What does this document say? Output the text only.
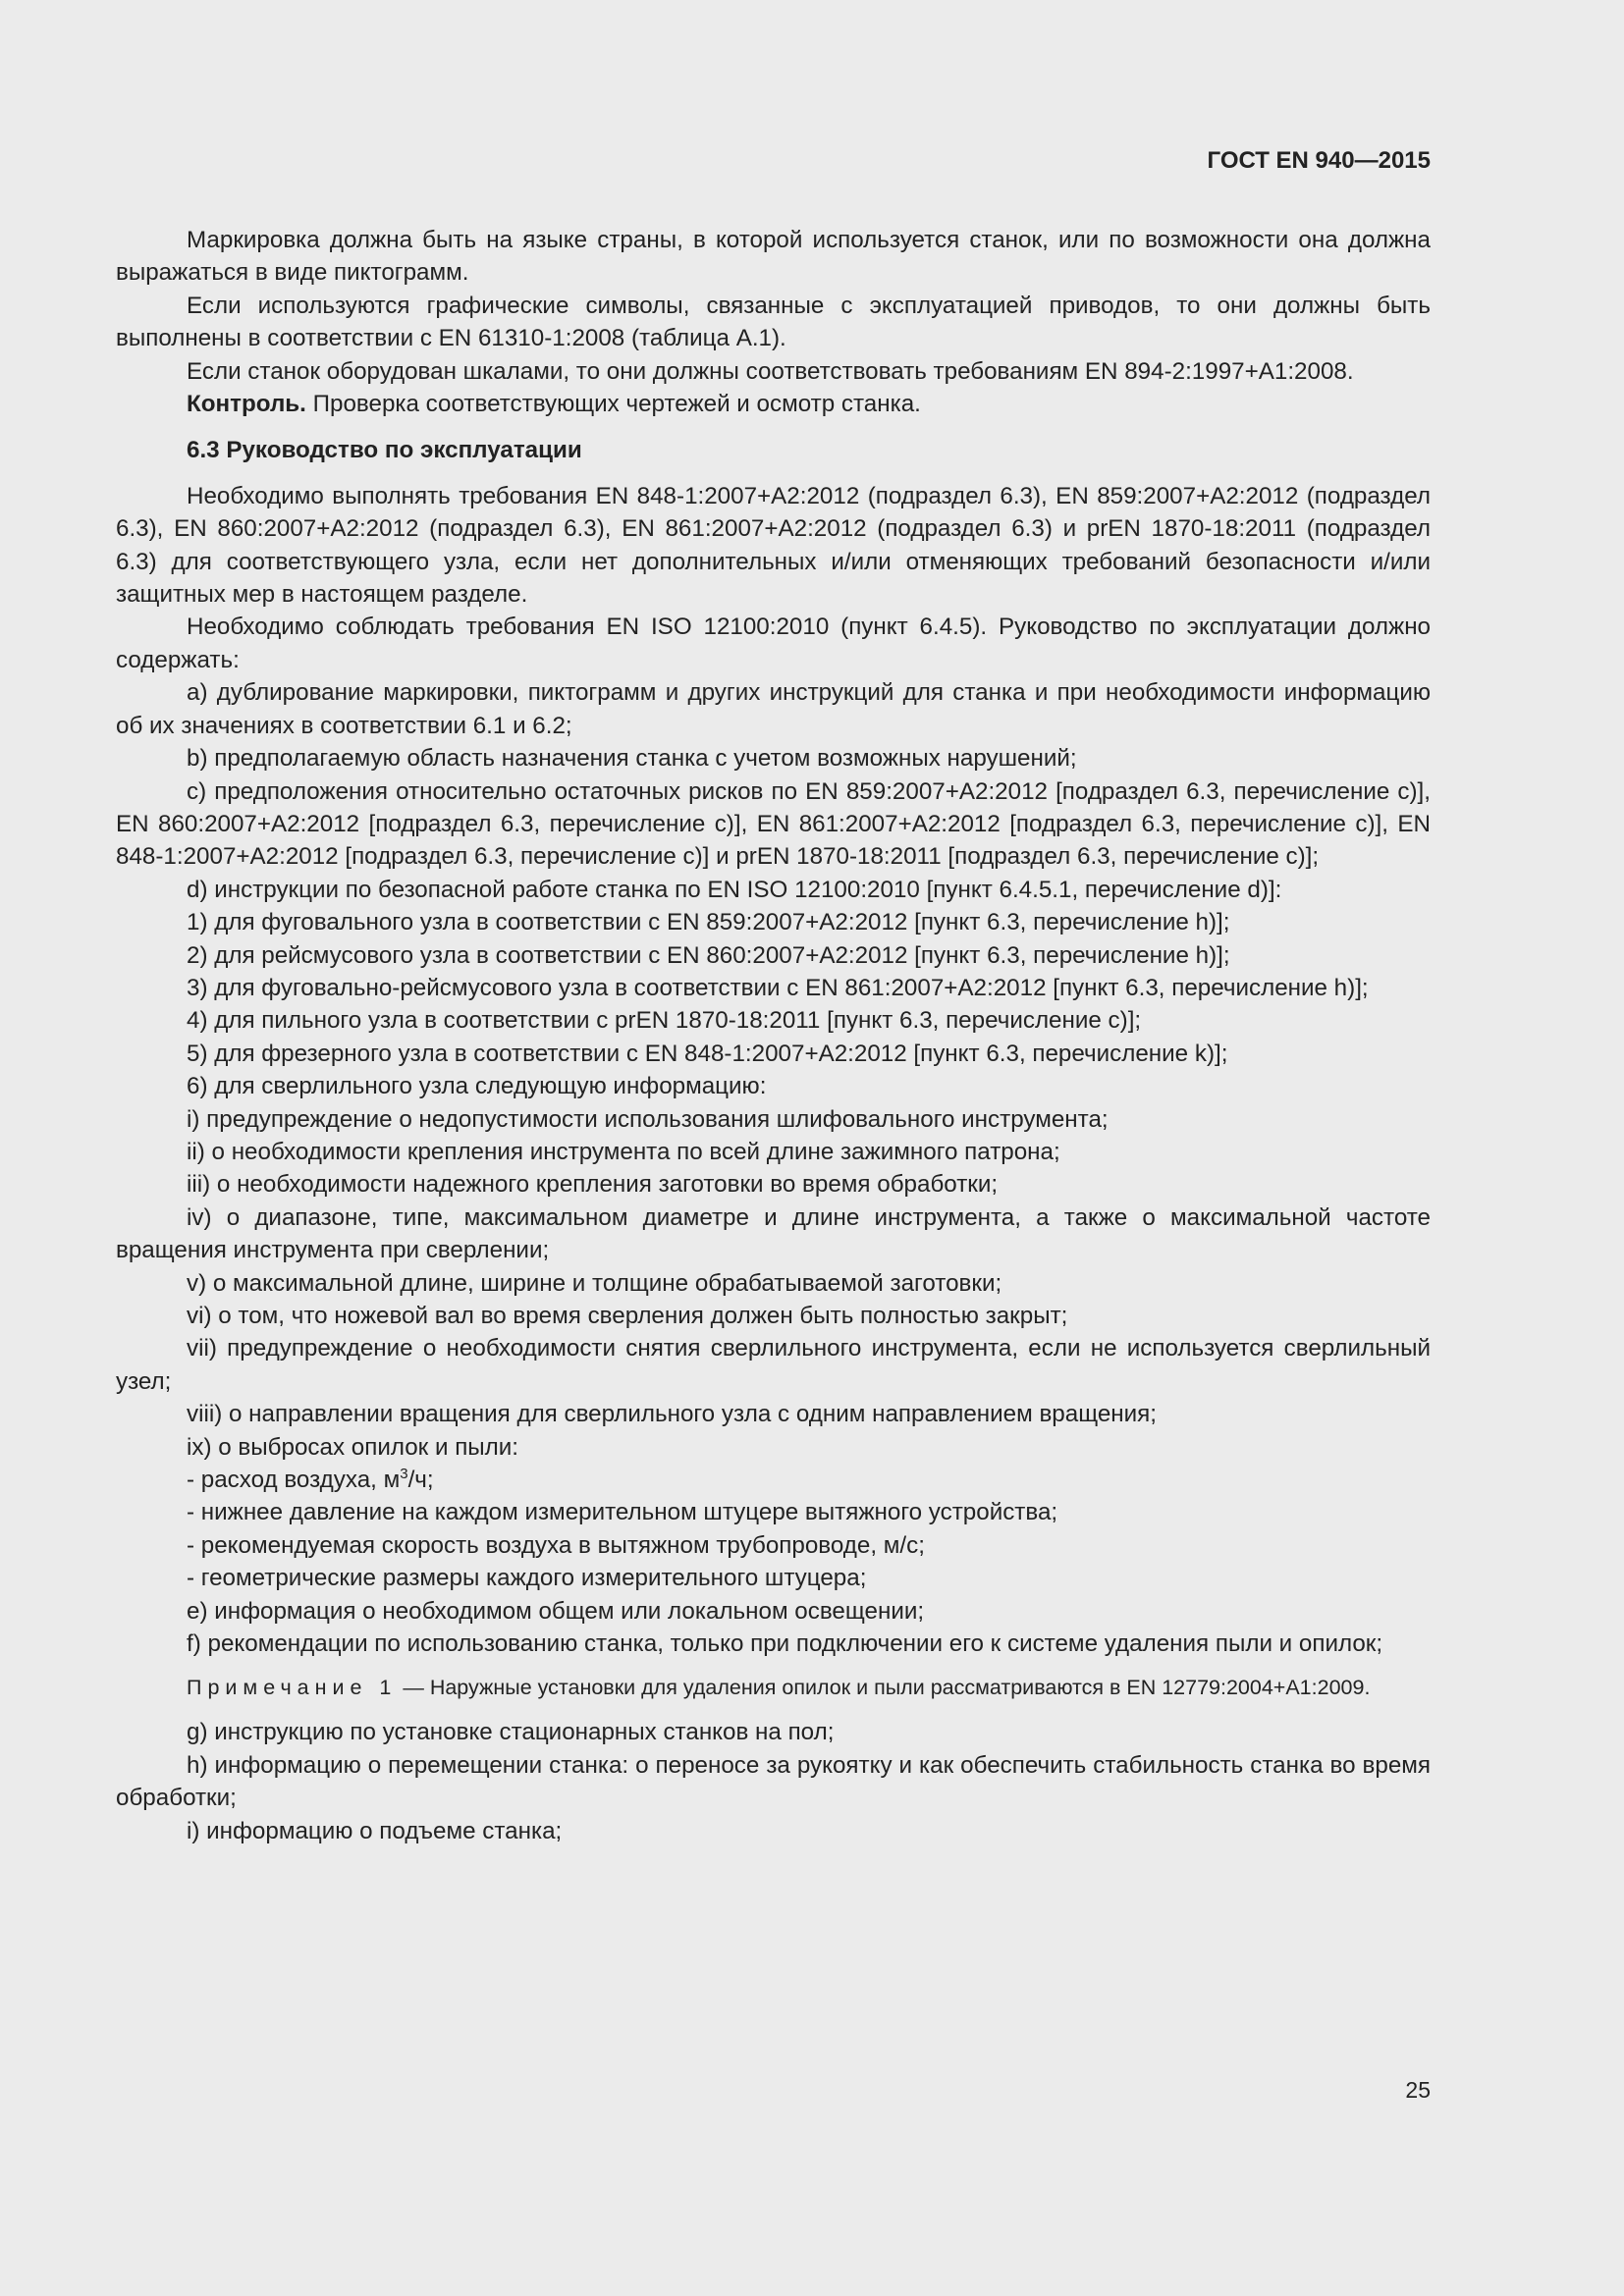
ГОСТ EN 940—2015

Маркировка должна быть на языке страны, в которой используется станок, или по возможности она должна выражаться в виде пиктограмм.

Если используются графические символы, связанные с эксплуатацией приводов, то они должны быть выполнены в соответствии с EN 61310-1:2008 (таблица А.1).

Если станок оборудован шкалами, то они должны соответствовать требованиям EN 894-2:1997+A1:2008.

Контроль. Проверка соответствующих чертежей и осмотр станка.

6.3 Руководство по эксплуатации

Необходимо выполнять требования EN 848-1:2007+A2:2012 (подраздел 6.3), EN 859:2007+A2:2012 (подраздел 6.3), EN 860:2007+A2:2012 (подраздел 6.3), EN 861:2007+A2:2012 (подраздел 6.3) и prEN 1870-18:2011 (подраздел 6.3) для соответствующего узла, если нет дополнительных и/или отменяющих требований безопасности и/или защитных мер в настоящем разделе.

Необходимо соблюдать требования EN ISO 12100:2010 (пункт 6.4.5). Руководство по эксплуатации должно содержать:

а) дублирование маркировки, пиктограмм и других инструкций для станка и при необходимости информацию об их значениях в соответствии 6.1 и 6.2;

b) предполагаемую область назначения станка с учетом возможных нарушений;

c) предположения относительно остаточных рисков по EN 859:2007+A2:2012 [подраздел 6.3, перечисление c)], EN 860:2007+A2:2012 [подраздел 6.3, перечисление c)], EN 861:2007+A2:2012 [подраздел 6.3, перечисление c)], EN 848-1:2007+A2:2012 [подраздел 6.3, перечисление c)] и prEN 1870-18:2011 [подраздел 6.3, перечисление c)];

d) инструкции по безопасной работе станка по EN ISO 12100:2010 [пункт 6.4.5.1, перечисление d)]:

1) для фуговального узла в соответствии с EN 859:2007+A2:2012 [пункт 6.3, перечисление h)];

2) для рейсмусового узла в соответствии с EN 860:2007+A2:2012 [пункт 6.3, перечисление h)];

3) для фуговально-рейсмусового узла в соответствии с EN 861:2007+A2:2012 [пункт 6.3, перечисление h)];

4) для пильного узла в соответствии с prEN 1870-18:2011 [пункт 6.3, перечисление c)];

5) для фрезерного узла в соответствии с EN 848-1:2007+A2:2012 [пункт 6.3, перечисление k)];

6) для сверлильного узла следующую информацию:

i) предупреждение о недопустимости использования шлифовального инструмента;

ii) о необходимости крепления инструмента по всей длине зажимного патрона;

iii) о необходимости надежного крепления заготовки во время обработки;

iv) о диапазоне, типе, максимальном диаметре и длине инструмента, а также о максимальной частоте вращения инструмента при сверлении;

v) о максимальной длине, ширине и толщине обрабатываемой заготовки;

vi) о том, что ножевой вал во время сверления должен быть полностью закрыт;

vii) предупреждение о необходимости снятия сверлильного инструмента, если не используется сверлильный узел;

viii) о направлении вращения для сверлильного узла с одним направлением вращения;

ix) о выбросах опилок и пыли:

- расход воздуха, $м^3/ч$;

- нижнее давление на каждом измерительном штуцере вытяжного устройства;

- рекомендуемая скорость воздуха в вытяжном трубопроводе, м/с;

- геометрические размеры каждого измерительного штуцера;

e) информация о необходимом общем или локальном освещении;

f) рекомендации по использованию станка, только при подключении его к системе удаления пыли и опилок;

Примечание 1 — Наружные установки для удаления опилок и пыли рассматриваются в EN 12779:2004+A1:2009.

g) инструкцию по установке стационарных станков на пол;

h) информацию о перемещении станка: о переносе за рукоятку и как обеспечить стабильность станка во время обработки;

i) информацию о подъеме станка;

25
